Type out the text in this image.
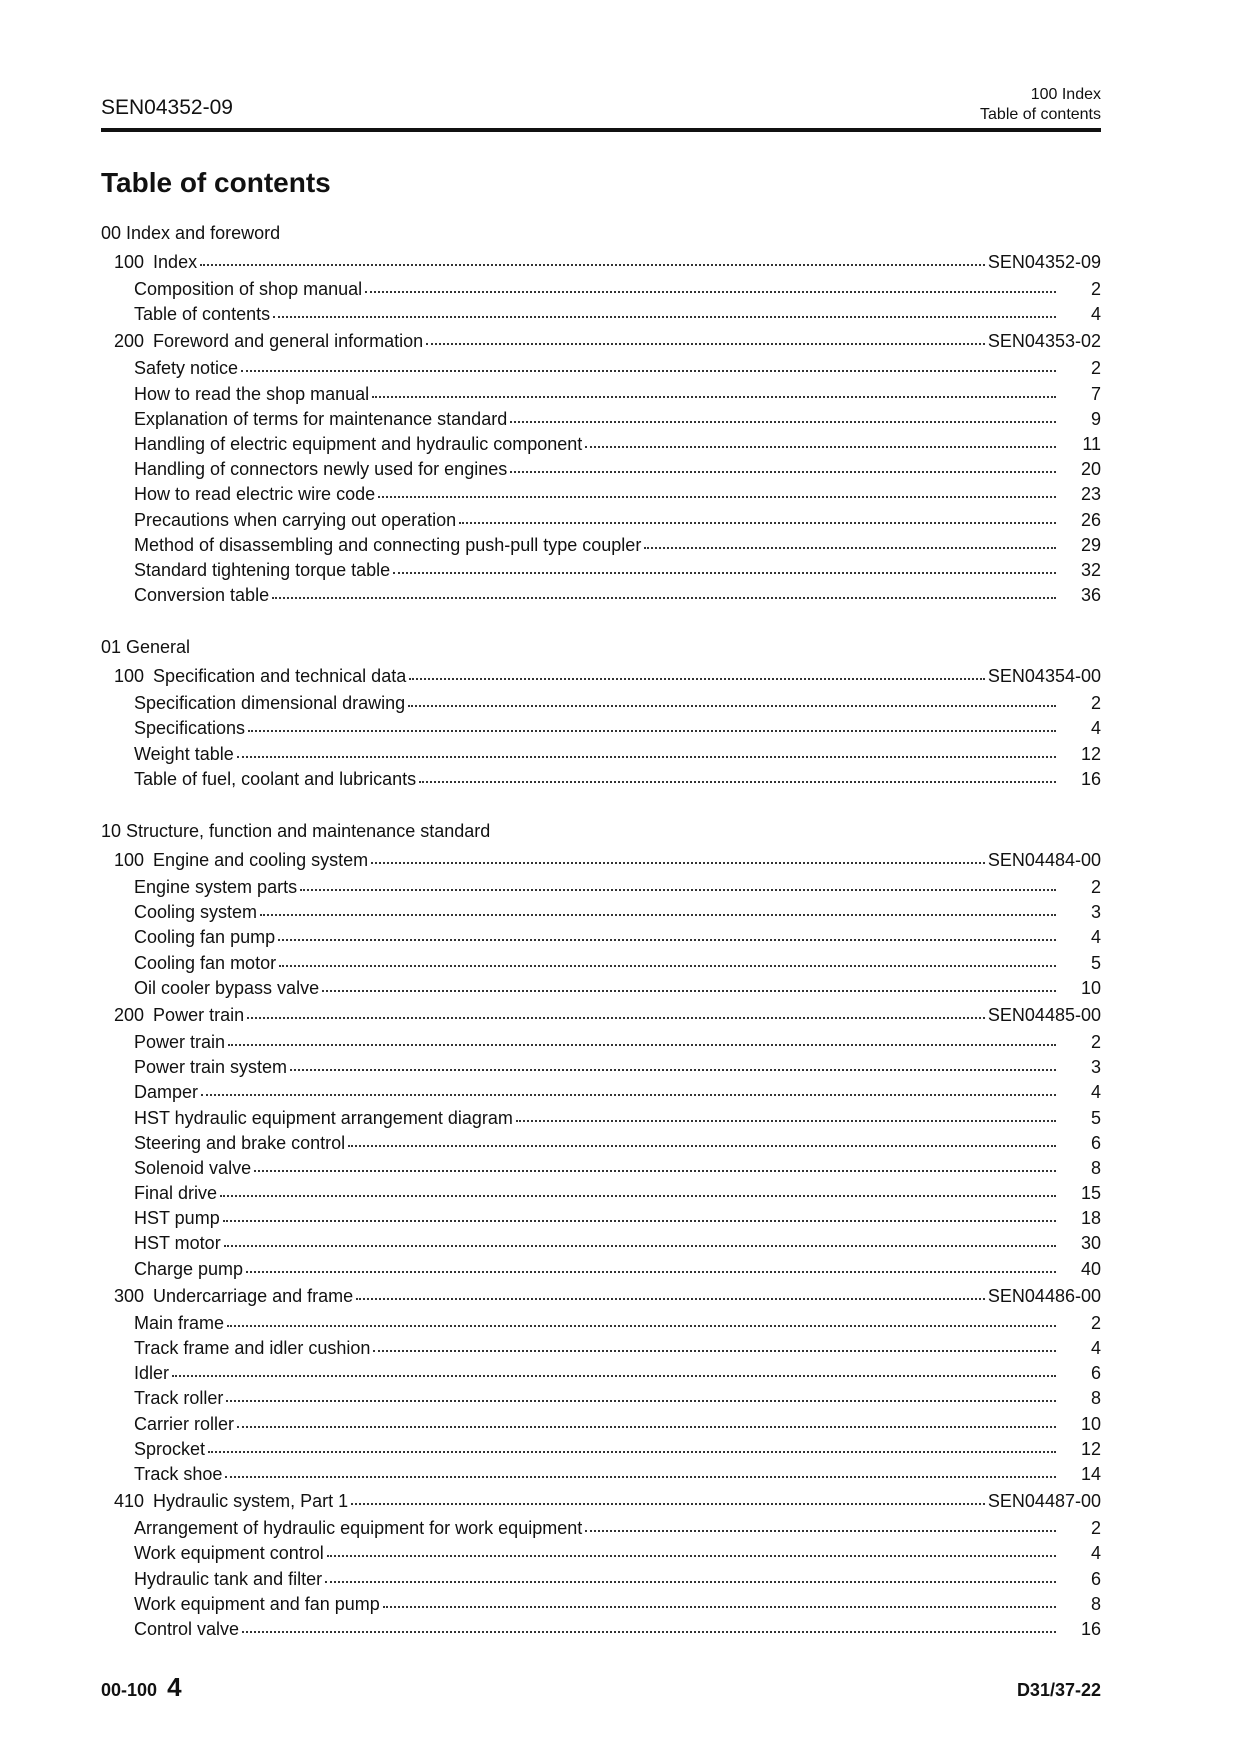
SEN04352-09
100 Index
Table of contents
Table of contents
00 Index and foreword
100 Index	SEN04352-09
Composition of shop manual	2
Table of contents	4
200 Foreword and general information	SEN04353-02
Safety notice	2
How to read the shop manual	7
Explanation of terms for maintenance standard	9
Handling of electric equipment and hydraulic component	11
Handling of connectors newly used for engines	20
How to read electric wire code	23
Precautions when carrying out operation	26
Method of disassembling and connecting push-pull type coupler	29
Standard tightening torque table	32
Conversion table	36
01 General
100 Specification and technical data	SEN04354-00
Specification dimensional drawing	2
Specifications	4
Weight table	12
Table of fuel, coolant and lubricants	16
10 Structure, function and maintenance standard
100 Engine and cooling system	SEN04484-00
Engine system parts	2
Cooling system	3
Cooling fan pump	4
Cooling fan motor	5
Oil cooler bypass valve	10
200 Power train	SEN04485-00
Power train	2
Power train system	3
Damper	4
HST hydraulic equipment arrangement diagram	5
Steering and brake control	6
Solenoid valve	8
Final drive	15
HST pump	18
HST motor	30
Charge pump	40
300 Undercarriage and frame	SEN04486-00
Main frame	2
Track frame and idler cushion	4
Idler	6
Track roller	8
Carrier roller	10
Sprocket	12
Track shoe	14
410 Hydraulic system, Part 1	SEN04487-00
Arrangement of hydraulic equipment for work equipment	2
Work equipment control	4
Hydraulic tank and filter	6
Work equipment and fan pump	8
Control valve	16
00-100 4	D31/37-22
